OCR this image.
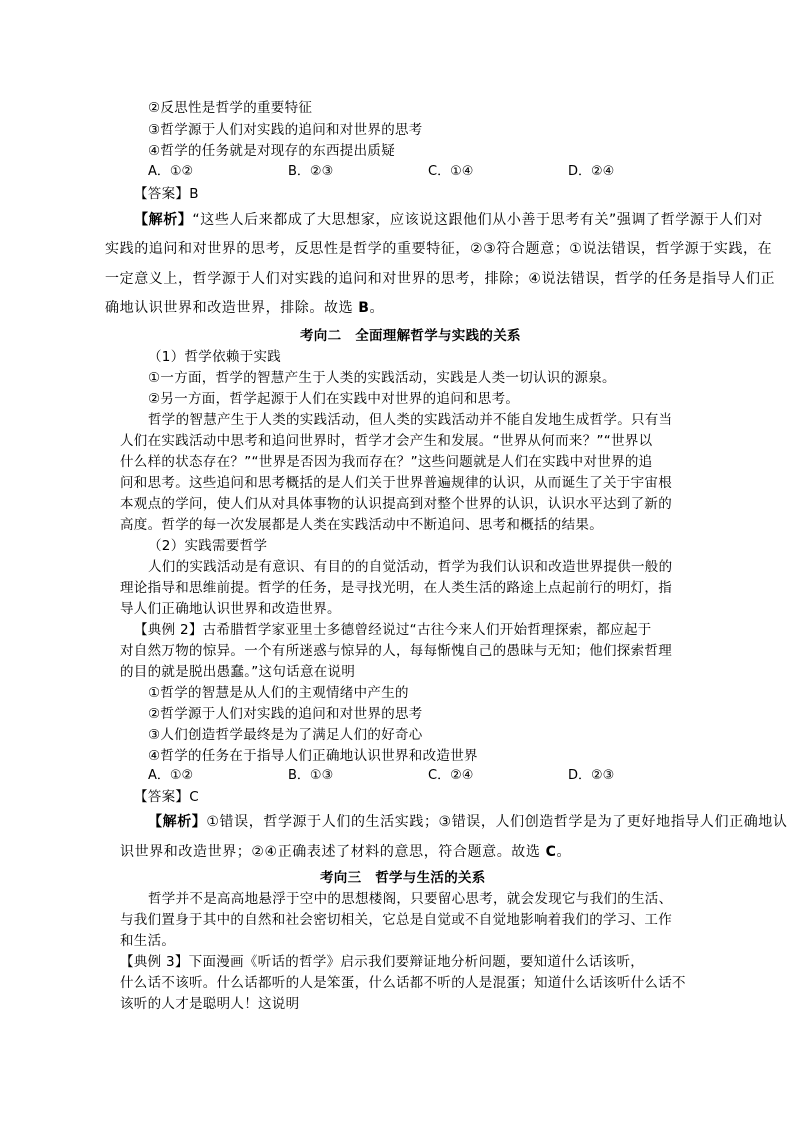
②反思性是哲学的重要特征
③哲学源于人们对实践的追问和对世界的思考
④哲学的任务就是对现存的东西提出质疑
A．①②	B．②③	C．①④	D．②④
【答案】B
【解析】“这些人后来都成了大思想家，应该说这跟他们从小善于思考有关”强调了哲学源于人们对
实践的追问和对世界的思考，反思性是哲学的重要特征，②③符合题意；①说法错误，哲学源于实践，在
一定意义上，哲学源于人们对实践的追问和对世界的思考，排除；④说法错误，哲学的任务是指导人们正
确地认识世界和改造世界，排除。故选 B。
考向二　全面理解哲学与实践的关系
（1）哲学依赖于实践
①一方面，哲学的智慧产生于人类的实践活动，实践是人类一切认识的源泉。
②另一方面，哲学起源于人们在实践中对世界的追问和思考。
哲学的智慧产生于人类的实践活动，但人类的实践活动并不能自发地生成哲学。只有当
人们在实践活动中思考和追问世界时，哲学才会产生和发展。“世界从何而来？”“世界以
什么样的状态存在？”“世界是否因为我而存在？”这些问题就是人们在实践中对世界的追
问和思考。这些追问和思考概括的是人们关于世界普遍规律的认识，从而诞生了关于宇宙根
本观点的学问，使人们从对具体事物的认识提高到对整个世界的认识，认识水平达到了新的
高度。哲学的每一次发展都是人类在实践活动中不断追问、思考和概括的结果。
（2）实践需要哲学
人们的实践活动是有意识、有目的的自觉活动，哲学为我们认识和改造世界提供一般的
理论指导和思维前提。哲学的任务，是寻找光明，在人类生活的路途上点起前行的明灯，指
导人们正确地认识世界和改造世界。
【典例 2】古希腊哲学家亚里士多德曾经说过“古往今来人们开始哲理探索，都应起于
对自然万物的惊异。一个有所迷惑与惊异的人，每每惭愧自己的愚昧与无知；他们探索哲理
的目的就是脱出愚蠢。”这句话意在说明
①哲学的智慧是从人们的主观情绪中产生的
②哲学源于人们对实践的追问和对世界的思考
③人们创造哲学最终是为了满足人们的好奇心
④哲学的任务在于指导人们正确地认识世界和改造世界
A．①②	B．①③	C．②④	D．②③
【答案】C
【解析】①错误，哲学源于人们的生活实践；③错误，人们创造哲学是为了更好地指导人们正确地认
识世界和改造世界；②④正确表述了材料的意思，符合题意。故选 C。
考向三　哲学与生活的关系
哲学并不是高高地悬浮于空中的思想楼阁，只要留心思考，就会发现它与我们的生活、
与我们置身于其中的自然和社会密切相关，它总是自觉或不自觉地影响着我们的学习、工作
和生活。
【典例 3】下面漫画《听话的哲学》启示我们要辩证地分析问题，要知道什么话该听，
什么话不该听。什么话都听的人是笨蛋，什么话都不听的人是混蛋；知道什么话该听什么话不
该听的人才是聪明人！这说明
